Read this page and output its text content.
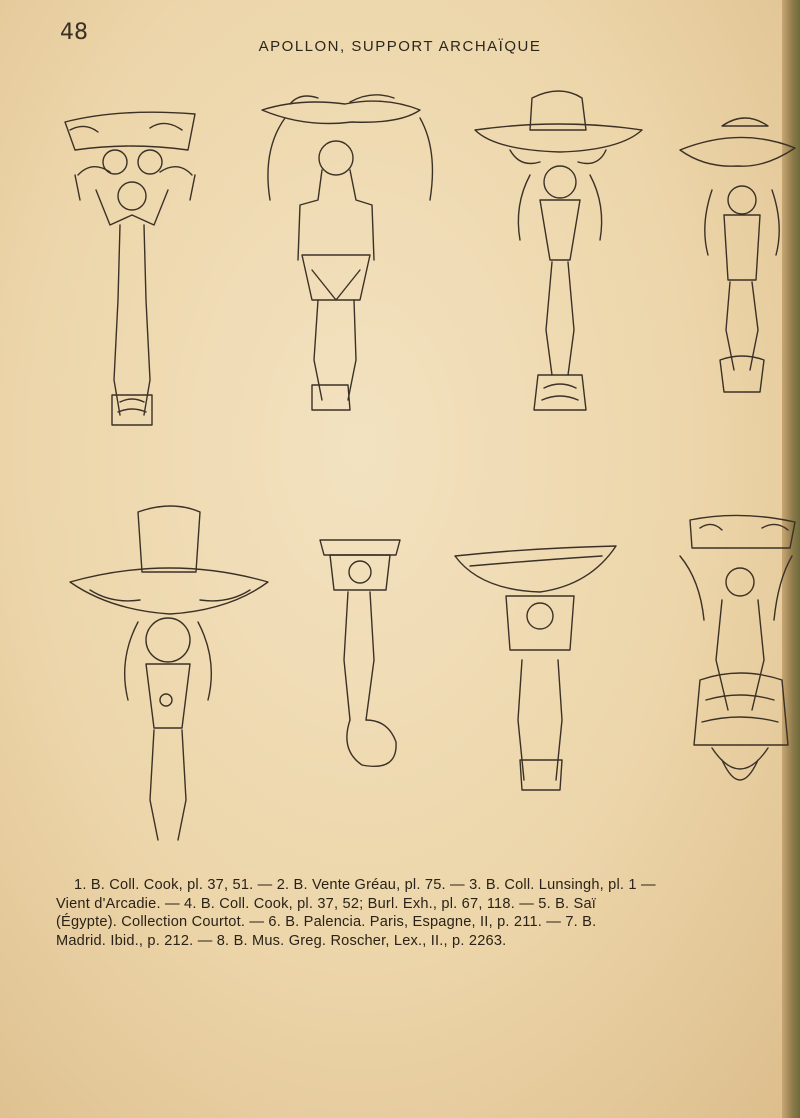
48
APOLLON, SUPPORT ARCHAÏQUE
1. B. Coll. Cook, pl. 37, 51. — 2. B. Vente Gréau, pl. 75. — 3. B. Coll. Lunsingh, pl. 1 —
Vient d'Arcadie. — 4. B. Coll. Cook, pl. 37, 52; Burl. Exh., pl. 67, 118. — 5. B. Saï
(Égypte). Collection Courtot. — 6. B. Palencia. Paris, Espagne, II, p. 211. — 7. B.
Madrid. Ibid., p. 212. — 8. B. Mus. Greg. Roscher, Lex., II., p. 2263.
